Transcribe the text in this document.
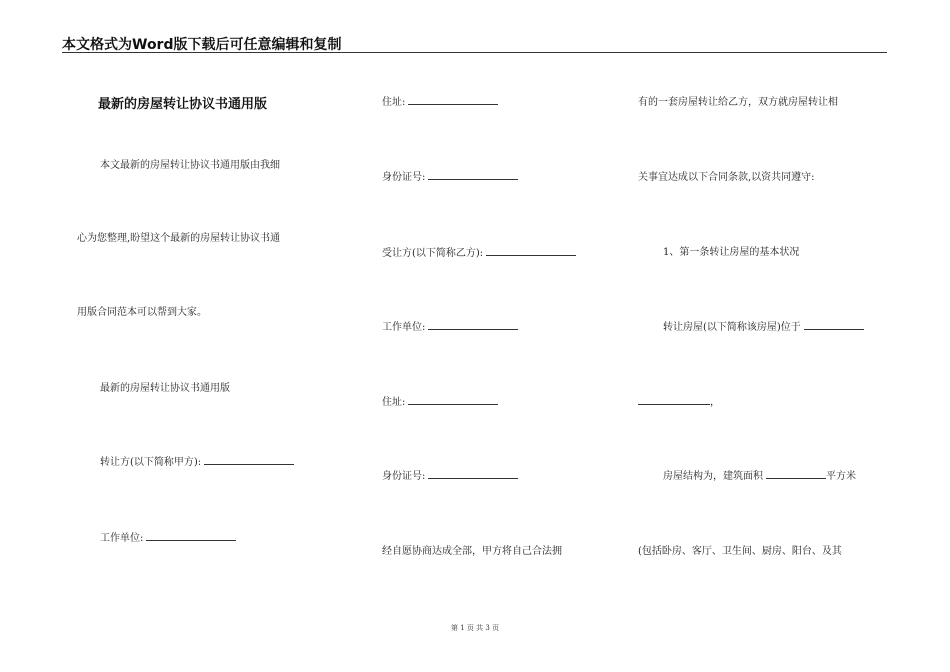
本文格式为Word版下载后可任意编辑和复制
最新的房屋转让协议书通用版
本文最新的房屋转让协议书通用版由我细
心为您整理,盼望这个最新的房屋转让协议书通
用版合同范本可以帮到大家。
最新的房屋转让协议书通用版
转让方(以下简称甲方):
工作单位:
住址:
身份证号:
受让方(以下简称乙方):
工作单位:
住址:
身份证号:
经自愿协商达成全部，甲方将自己合法拥
有的一套房屋转让给乙方，双方就房屋转让相
关事宜达成以下合同条款,以资共同遵守:
1、第一条转让房屋的基本状况
转让房屋(以下简称该房屋)位于
，
房屋结构为，建筑面积	平方米
(包括卧房、客厅、卫生间、厨房、阳台、及其
第 1 页 共 3 页
